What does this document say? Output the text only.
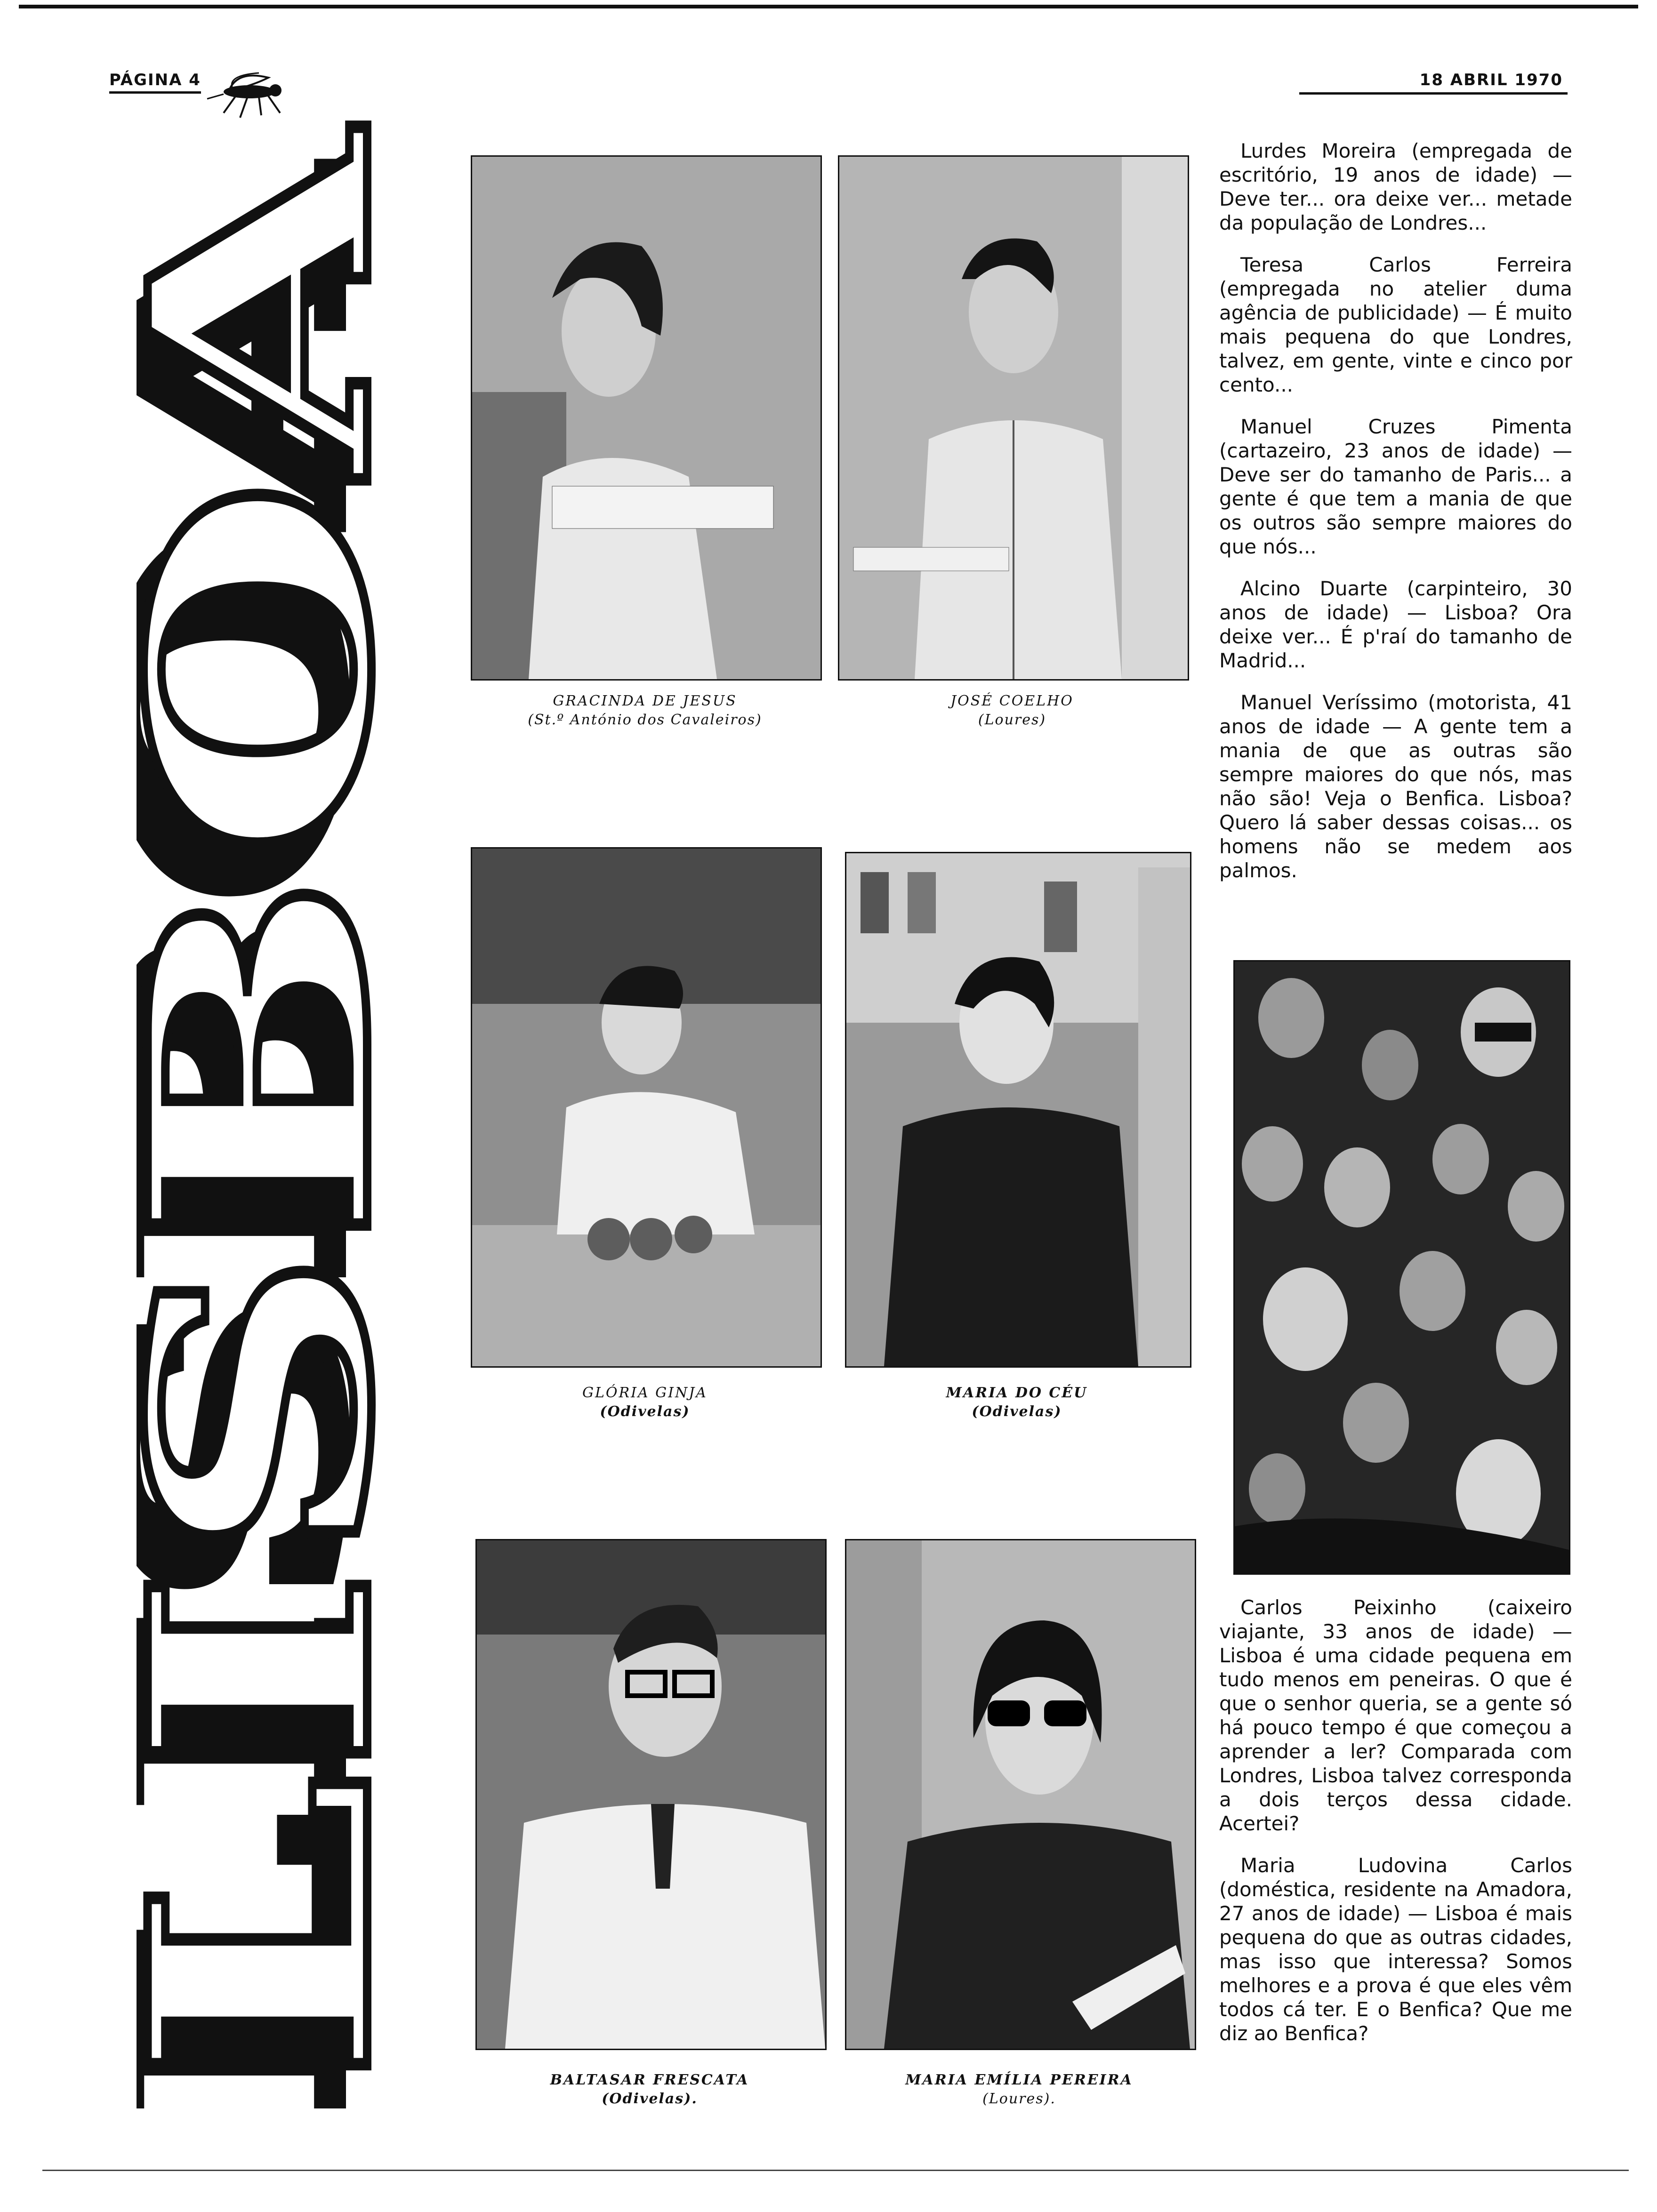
PÁGINA 4	18 ABRIL 1970
LISBOA
LISBOA
GRACINDA DE JESUS
(St.º António dos Cavaleiros)
JOSÉ COELHO
(Loures)
GLÓRIA GINJA
(Odivelas)
MARIA DO CÉU
(Odivelas)
BALTASAR FRESCATA
(Odivelas).
MARIA EMÍLIA PEREIRA
(Loures).

Lurdes Moreira (empregada de escritório, 19 anos de idade) — Deve ter... ora deixe ver... metade da população de Londres...

Teresa Carlos Ferreira (empregada no atelier duma agência de publicidade) — É muito mais pequena do que Londres, talvez, em gente, vinte e cinco por cento...

Manuel Cruzes Pimenta (cartazeiro, 23 anos de idade) — Deve ser do tamanho de Paris... a gente é que tem a mania de que os outros são sempre maiores do que nós...

Alcino Duarte (carpinteiro, 30 anos de idade) — Lisboa? Ora deixe ver... É p'raí do tamanho de Madrid...

Manuel Veríssimo (motorista, 41 anos de idade — A gente tem a mania de que as outras são sempre maiores do que nós, mas não são! Veja o Benfica. Lisboa? Quero lá saber dessas coisas... os homens não se medem aos palmos.

Carlos Peixinho (caixeiro viajante, 33 anos de idade) — Lisboa é uma cidade pequena em tudo menos em peneiras. O que é que o senhor queria, se a gente só há pouco tempo é que começou a aprender a ler? Comparada com Londres, Lisboa talvez corresponda a dois terços dessa cidade. Acertei?

Maria Ludovina Carlos (doméstica, residente na Amadora, 27 anos de idade) — Lisboa é mais pequena do que as outras cidades, mas isso que interessa? Somos melhores e a prova é que eles vêm todos cá ter. E o Benfica? Que me diz ao Benfica?
